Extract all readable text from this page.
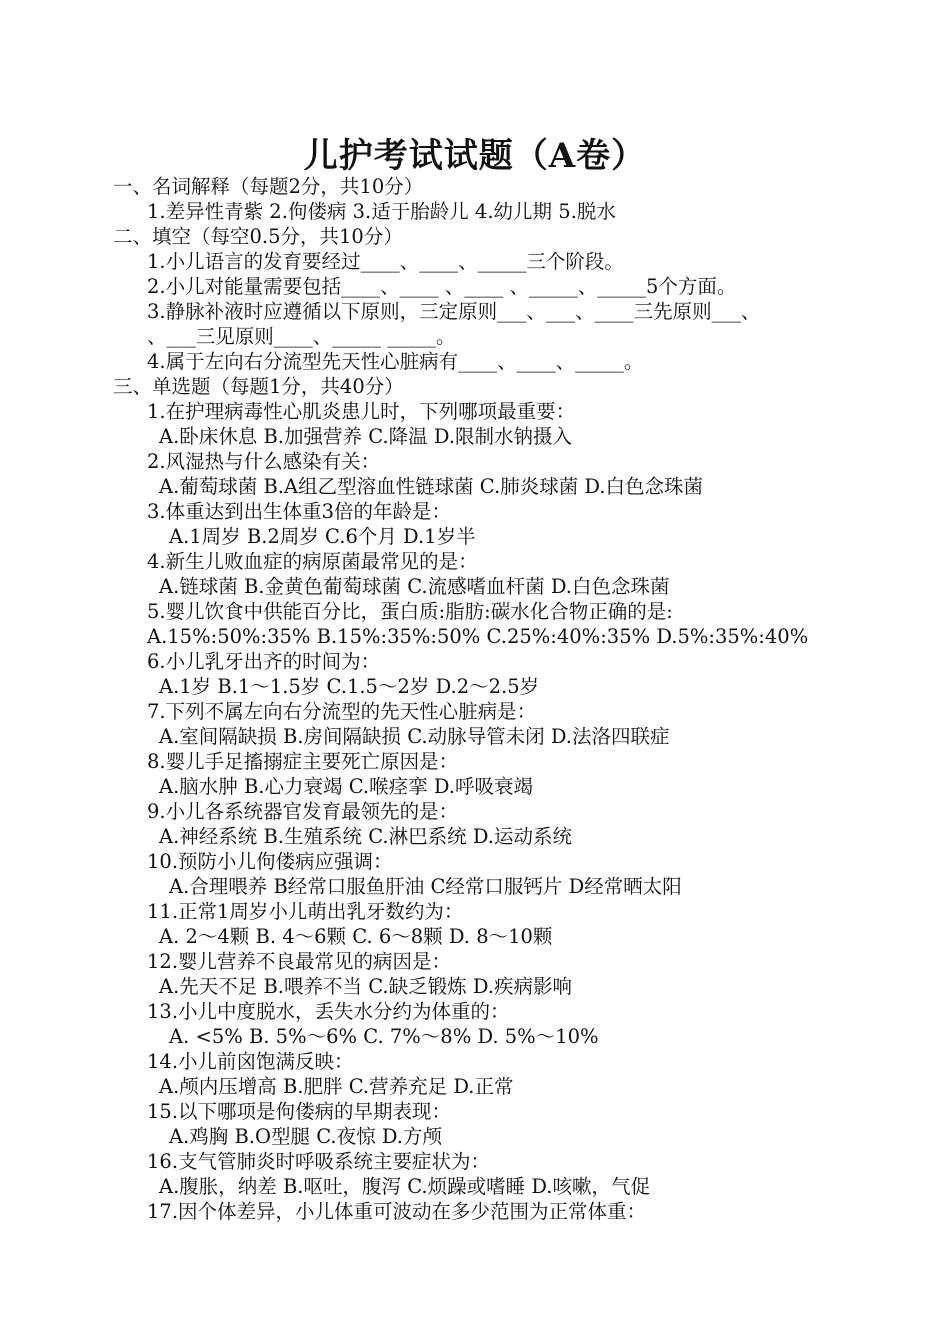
儿护考试试题（A卷）
一、名词解释（每题2分，共10分）
1.差异性青紫 2.佝偻病 3.适于胎龄儿 4.幼儿期 5.脱水
二、填空（每空0.5分，共10分）
1.小儿语言的发育要经过____、____、_____三个阶段。
2.小儿对能量需要包括____、____ 、____ 、_____、_____5个方面。
3.静脉补液时应遵循以下原则，三定原则___、___、____三先原则___、
、___三见原则____、_____ _____。
4.属于左向右分流型先天性心脏病有____、____、_____。
三、单选题（每题1分，共40分）
1.在护理病毒性心肌炎患儿时，下列哪项最重要：
A.卧床休息 B.加强营养 C.降温 D.限制水钠摄入
2.风湿热与什么感染有关：
A.葡萄球菌 B.A组乙型溶血性链球菌 C.肺炎球菌 D.白色念珠菌
3.体重达到出生体重3倍的年龄是：
A.1周岁 B.2周岁 C.6个月 D.1岁半
4.新生儿败血症的病原菌最常见的是：
A.链球菌 B.金黄色葡萄球菌 C.流感嗜血杆菌 D.白色念珠菌
5.婴儿饮食中供能百分比，蛋白质:脂肪:碳水化合物正确的是:
A.15%:50%:35% B.15%:35%:50% C.25%:40%:35% D.5%:35%:40%
6.小儿乳牙出齐的时间为：
A.1岁 B.1～1.5岁 C.1.5～2岁 D.2～2.5岁
7.下列不属左向右分流型的先天性心脏病是：
A.室间隔缺损 B.房间隔缺损 C.动脉导管未闭 D.法洛四联症
8.婴儿手足搐搦症主要死亡原因是：
A.脑水肿 B.心力衰竭 C.喉痉挛 D.呼吸衰竭
9.小儿各系统器官发育最领先的是：
A.神经系统 B.生殖系统 C.淋巴系统 D.运动系统
10.预防小儿佝偻病应强调：
A.合理喂养 B经常口服鱼肝油 C经常口服钙片 D经常晒太阳
11.正常1周岁小儿萌出乳牙数约为：
A. 2～4颗 B. 4～6颗 C. 6～8颗 D. 8～10颗
12.婴儿营养不良最常见的病因是：
A.先天不足 B.喂养不当 C.缺乏锻炼 D.疾病影响
13.小儿中度脱水，丢失水分约为体重的：
A. <5% B. 5%～6% C. 7%～8% D. 5%～10%
14.小儿前囟饱满反映：
A.颅内压增高 B.肥胖 C.营养充足 D.正常
15.以下哪项是佝偻病的早期表现：
A.鸡胸 B.O型腿 C.夜惊 D.方颅
16.支气管肺炎时呼吸系统主要症状为：
A.腹胀，纳差 B.呕吐，腹泻 C.烦躁或嗜睡 D.咳嗽，气促
17.因个体差异，小儿体重可波动在多少范围为正常体重：
